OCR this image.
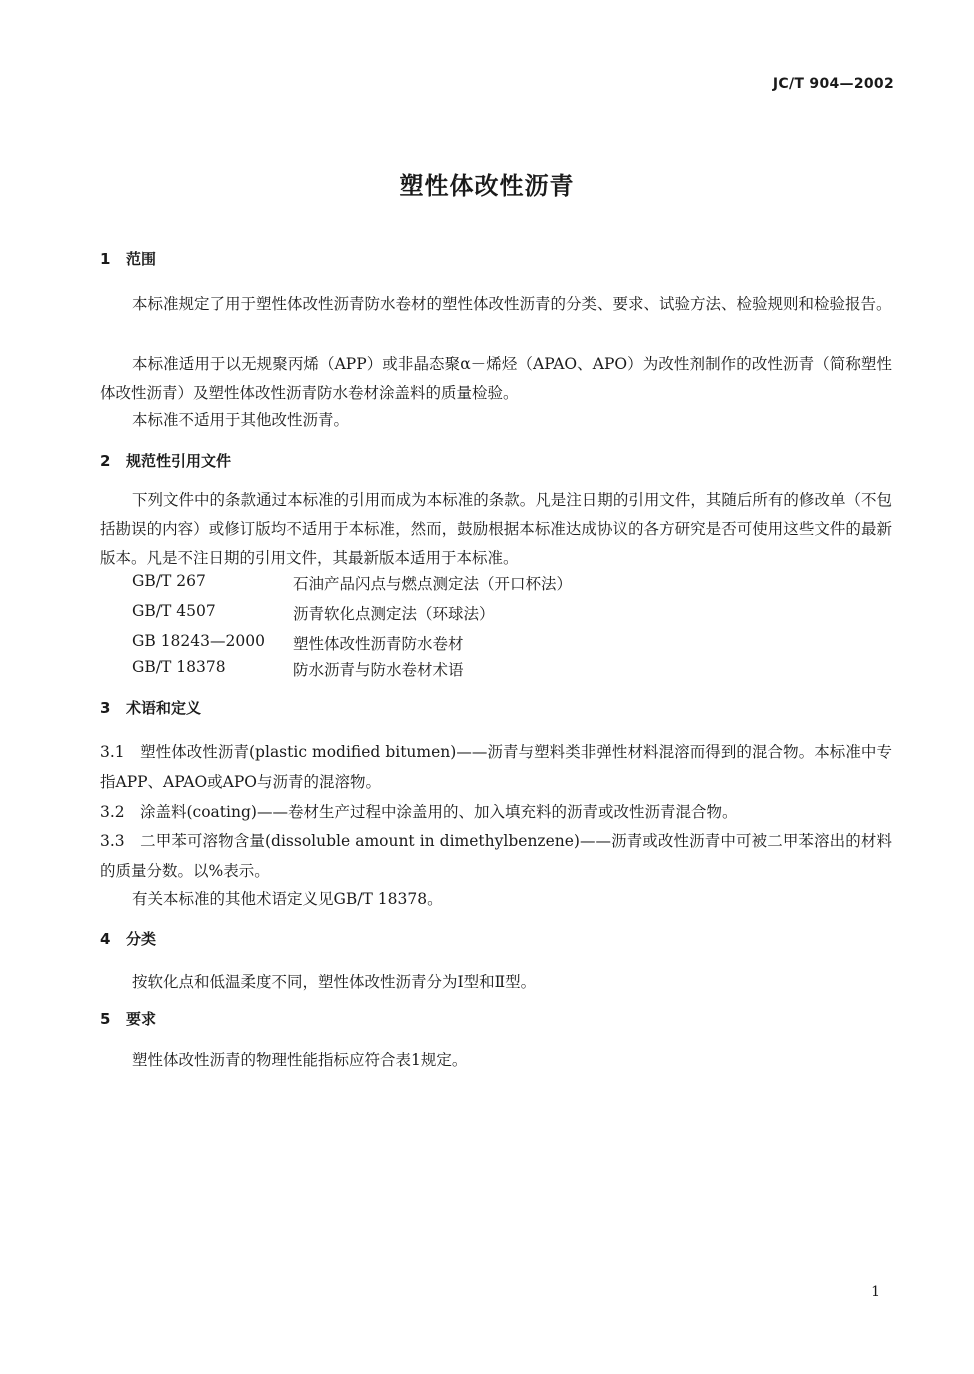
JC/T 904—2002
塑性体改性沥青
1 范围

本标准规定了用于塑性体改性沥青防水卷材的塑性体改性沥青的分类、要求、试验方法、检验规则和检验报告。

本标准适用于以无规聚丙烯（APP）或非晶态聚α－烯烃（APAO、APO）为改性剂制作的改性沥青（简称塑性体改性沥青）及塑性体改性沥青防水卷材涂盖料的质量检验。

本标准不适用于其他改性沥青。

2 规范性引用文件

下列文件中的条款通过本标准的引用而成为本标准的条款。凡是注日期的引用文件，其随后所有的修改单（不包括勘误的内容）或修订版均不适用于本标准，然而，鼓励根据本标准达成协议的各方研究是否可使用这些文件的最新版本。凡是不注日期的引用文件，其最新版本适用于本标准。

GB/T 267	石油产品闪点与燃点测定法（开口杯法）
GB/T 4507	沥青软化点测定法（环球法）
GB 18243—2000 塑性体改性沥青防水卷材
GB/T 18378	防水沥青与防水卷材术语
3 术语和定义

3.1 塑性体改性沥青(plastic modified bitumen)——沥青与塑料类非弹性材料混溶而得到的混合物。本标准中专指APP、APAO或APO与沥青的混溶物。

3.2 涂盖料(coating)——卷材生产过程中涂盖用的、加入填充料的沥青或改性沥青混合物。

3.3 二甲苯可溶物含量(dissoluble amount in dimethylbenzene)——沥青或改性沥青中可被二甲苯溶出的材料的质量分数。以%表示。

有关本标准的其他术语定义见GB/T 18378。
4 分类
按软化点和低温柔度不同，塑性体改性沥青分为Ⅰ型和Ⅱ型。
5 要求
塑性体改性沥青的物理性能指标应符合表1规定。
1
